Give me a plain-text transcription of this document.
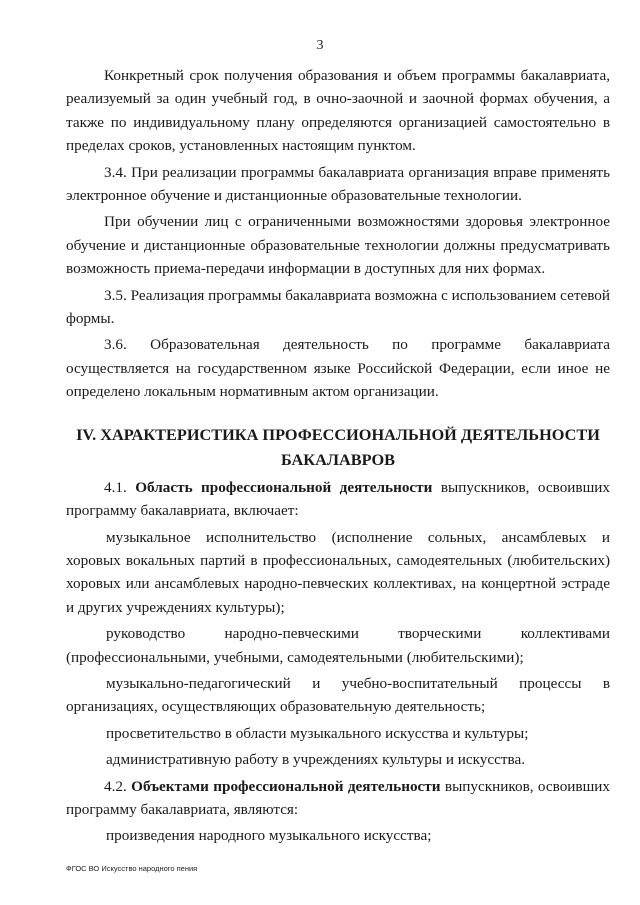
3

Конкретный срок получения образования и объем программы бакалавриата, реализуемый за один учебный год, в очно-заочной и заочной формах обучения, а также по индивидуальному плану определяются организацией самостоятельно в пределах сроков, установленных настоящим пунктом.

3.4. При реализации программы бакалавриата организация вправе применять электронное обучение и дистанционные образовательные технологии.

При обучении лиц с ограниченными возможностями здоровья электронное обучение и дистанционные образовательные технологии должны предусматривать возможность приема-передачи информации в доступных для них формах.

3.5. Реализация программы бакалавриата возможна с использованием сетевой формы.

3.6. Образовательная деятельность по программе бакалавриата осуществляется на государственном языке Российской Федерации, если иное не определено локальным нормативным актом организации.

IV. ХАРАКТЕРИСТИКА ПРОФЕССИОНАЛЬНОЙ ДЕЯТЕЛЬНОСТИ БАКАЛАВРОВ

4.1. Область профессиональной деятельности выпускников, освоивших программу бакалавриата, включает:

музыкальное исполнительство (исполнение сольных, ансамблевых и хоровых вокальных партий в профессиональных, самодеятельных (любительских) хоровых или ансамблевых народно-певческих коллективах, на концертной эстраде и других учреждениях культуры);

руководство народно-певческими творческими коллективами (профессиональными, учебными, самодеятельными (любительскими);

музыкально-педагогический и учебно-воспитательный процессы в организациях, осуществляющих образовательную деятельность;

просветительство в области музыкального искусства и культуры;

административную работу в учреждениях культуры и искусства.

4.2. Объектами профессиональной деятельности выпускников, освоивших программу бакалавриата, являются:

произведения народного музыкального искусства;

ФГОС ВО Искусство народного пения
